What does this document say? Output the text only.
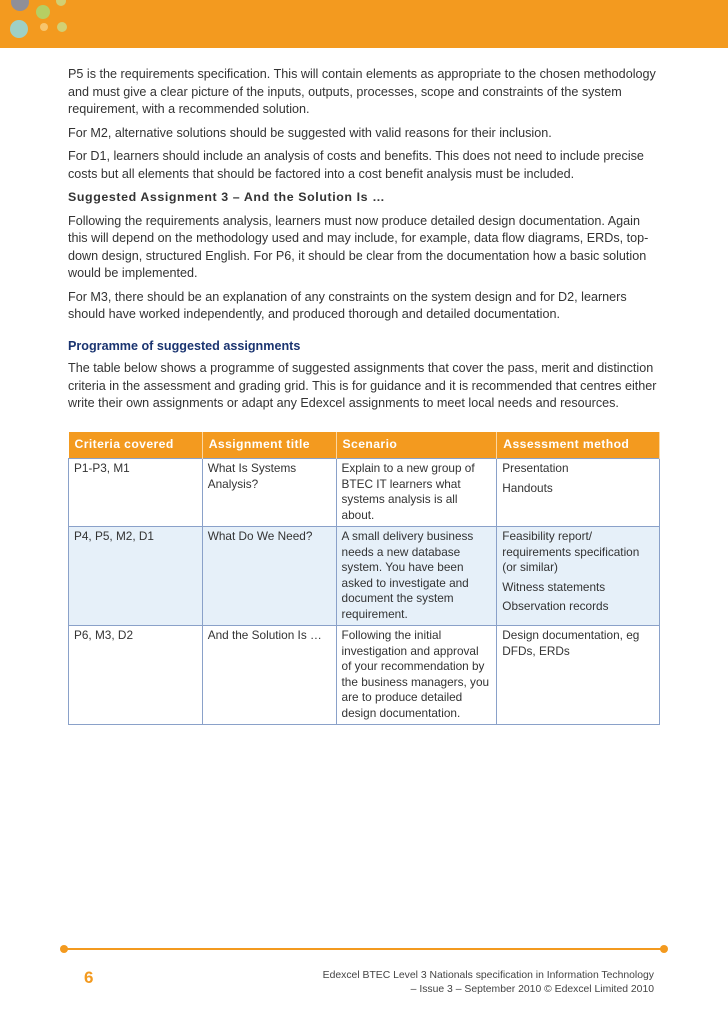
P5 is the requirements specification. This will contain elements as appropriate to the chosen methodology and must give a clear picture of the inputs, outputs, processes, scope and constraints of the system requirement, with a recommended solution.

For M2, alternative solutions should be suggested with valid reasons for their inclusion.

For D1, learners should include an analysis of costs and benefits. This does not need to include precise costs but all elements that should be factored into a cost benefit analysis must be included.

Suggested Assignment 3 – And the Solution Is …

Following the requirements analysis, learners must now produce detailed design documentation. Again this will depend on the methodology used and may include, for example, data flow diagrams, ERDs, top-down design, structured English. For P6, it should be clear from the documentation how a basic solution would be implemented.

For M3, there should be an explanation of any constraints on the system design and for D2, learners should have worked independently, and produced thorough and detailed documentation.

Programme of suggested assignments

The table below shows a programme of suggested assignments that cover the pass, merit and distinction criteria in the assessment and grading grid. This is for guidance and it is recommended that centres either write their own assignments or adapt any Edexcel assignments to meet local needs and resources.

Criteria covered	Assignment title	Scenario	Assessment method
P1-P3, M1	What Is Systems Analysis?	Explain to a new group of BTEC IT learners what systems analysis is all about.	Presentation
Handouts

P4, P5, M2, D1	What Do We Need?	A small delivery business needs a new database system. You have been asked to investigate and document the system requirement.	Feasibility report/ requirements specification (or similar)
Witness statements
Observation records

P6, M3, D2	And the Solution Is …	Following the initial investigation and approval of your recommendation by the business managers, you are to produce detailed design documentation.	Design documentation, eg DFDs, ERDs
6	Edexcel BTEC Level 3 Nationals specification in Information Technology
– Issue 3 – September 2010 © Edexcel Limited 2010
